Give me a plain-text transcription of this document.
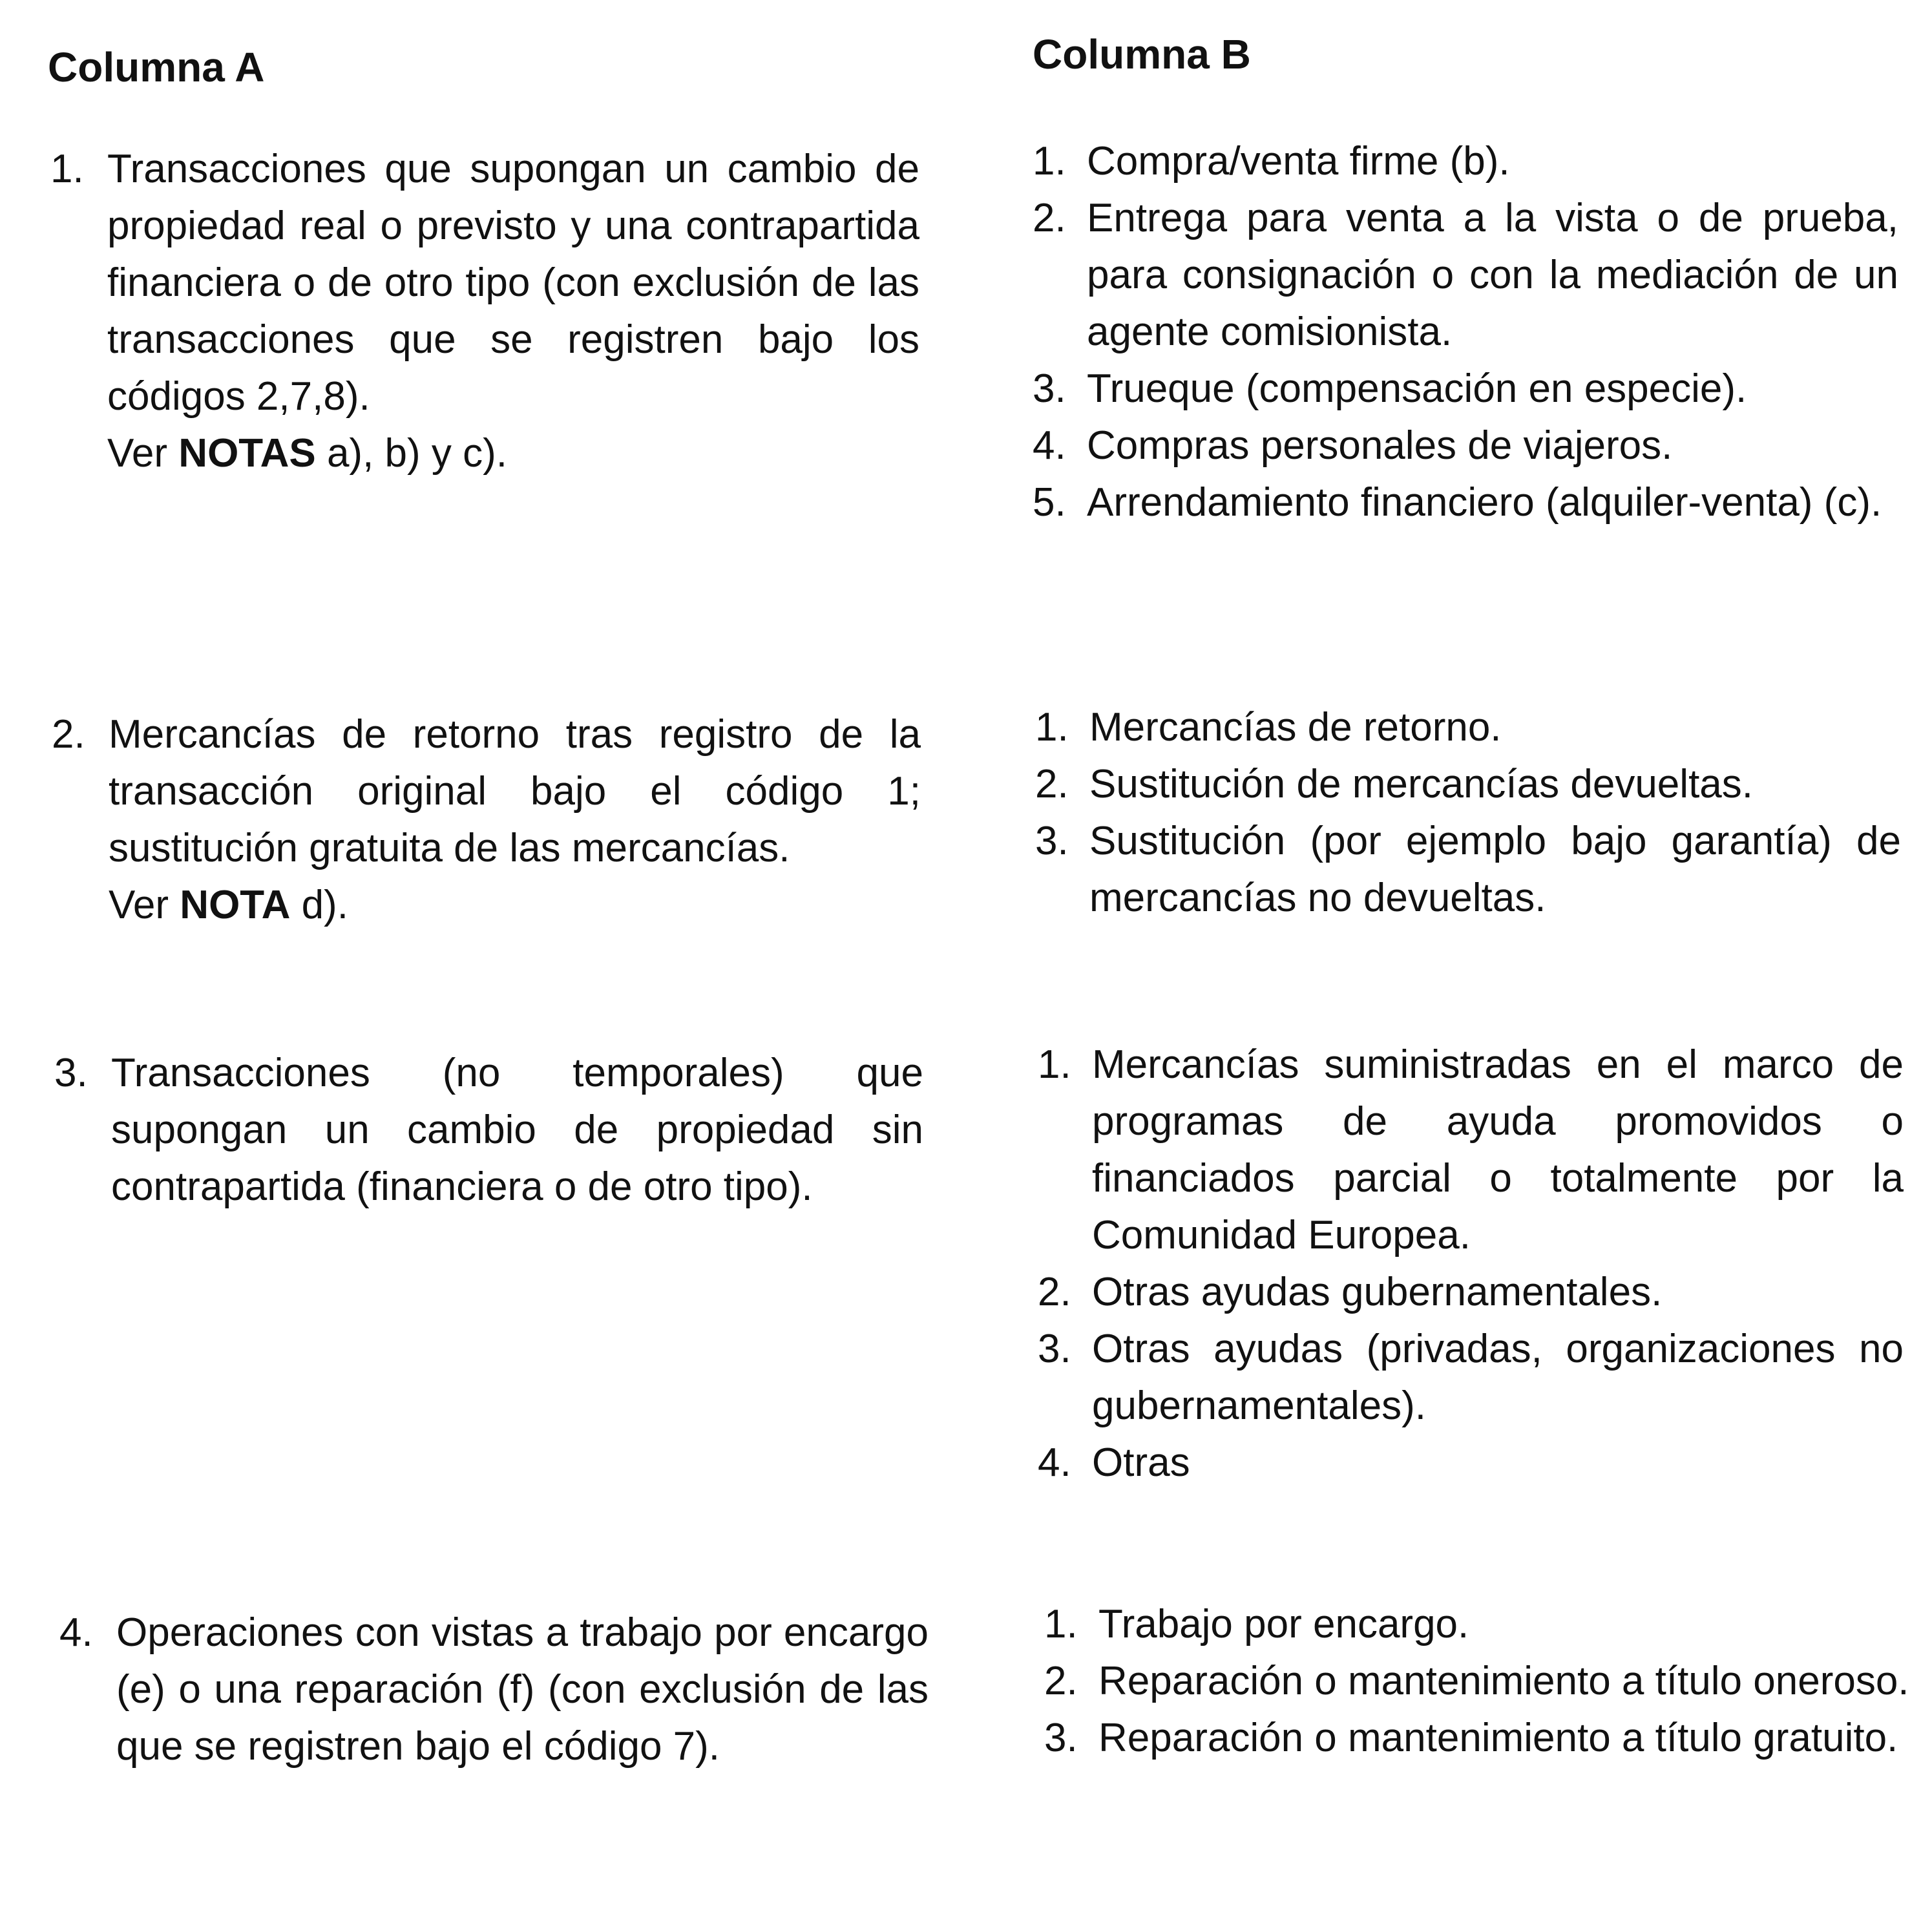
Columna A	Columna B
1. Transacciones que supongan un cambio de propiedad real o previsto y una contrapartida financiera o de otro tipo (con exclusión de las transacciones que se registren bajo los códigos 2,7,8).
Ver NOTAS a), b) y c).
2. Mercancías de retorno tras registro de la transacción original bajo el código 1; sustitución gratuita de las mercancías.
Ver NOTA d).
3. Transacciones (no temporales) que supongan un cambio de propiedad sin contrapartida (financiera o de otro tipo).
4. Operaciones con vistas a trabajo por encargo (e) o una reparación (f) (con exclusión de las que se registren bajo el código 7).
1. Compra/venta firme (b).
2. Entrega para venta a la vista o de prueba, para consignación o con la mediación de un agente comisionista.
3. Trueque (compensación en especie).
4. Compras personales de viajeros.
5. Arrendamiento financiero (alquiler-venta) (c).
1. Mercancías de retorno.
2. Sustitución de mercancías devueltas.
3. Sustitución (por ejemplo bajo garantía) de mercancías no devueltas.
1. Mercancías suministradas en el marco de programas de ayuda promovidos o financiados parcial o totalmente por la Comunidad Europea.
2. Otras ayudas gubernamentales.
3. Otras ayudas (privadas, organizaciones no gubernamentales).
4. Otras
1. Trabajo por encargo.
2. Reparación o mantenimiento a título oneroso.
3. Reparación o mantenimiento a título gratuito.
